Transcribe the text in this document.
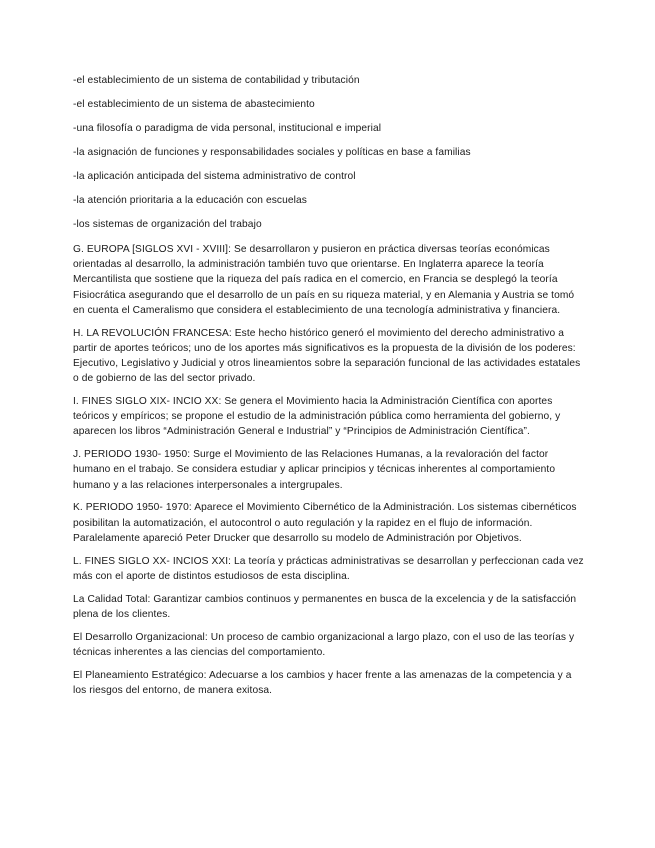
-el establecimiento de un sistema de contabilidad y tributación

-el establecimiento de un sistema de abastecimiento

-una filosofía o paradigma de vida personal, institucional e imperial

-la asignación de funciones y responsabilidades sociales y políticas en base a familias

-la aplicación anticipada del sistema administrativo de control

-la atención prioritaria a la educación con escuelas

-los sistemas de organización del trabajo

G. EUROPA [SIGLOS XVI - XVIII]: Se desarrollaron y pusieron en práctica diversas teorías económicas orientadas al desarrollo, la administración también tuvo que orientarse. En Inglaterra aparece la teoría Mercantilista que sostiene que la riqueza del país radica en el comercio, en Francia se desplegó la teoría Fisiocrática asegurando que el desarrollo de un país en su riqueza material, y en Alemania y Austria se tomó en cuenta el Cameralismo que considera el establecimiento de una tecnología administrativa y financiera.

H. LA REVOLUCIÓN FRANCESA: Este hecho histórico generó el movimiento del derecho administrativo a partir de aportes teóricos; uno de los aportes más significativos es la propuesta de la división de los poderes: Ejecutivo, Legislativo y Judicial y otros lineamientos sobre la separación funcional de las actividades estatales o de gobierno de las del sector privado.

I. FINES SIGLO XIX- INCIO XX: Se genera el Movimiento hacia la Administración Científica con aportes teóricos y empíricos; se propone el estudio de la administración pública como herramienta del gobierno, y aparecen los libros “Administración General e Industrial” y “Principios de Administración Científica”.

J. PERIODO 1930- 1950: Surge el Movimiento de las Relaciones Humanas, a la revaloración del factor humano en el trabajo. Se considera estudiar y aplicar principios y técnicas inherentes al comportamiento humano y a las relaciones interpersonales a intergrupales.

K. PERIODO 1950- 1970: Aparece el Movimiento Cibernético de la Administración. Los sistemas cibernéticos posibilitan la automatización, el autocontrol o auto regulación y la rapidez en el flujo de información. Paralelamente apareció Peter Drucker que desarrollo su modelo de Administración por Objetivos.

L. FINES SIGLO XX- INCIOS XXI: La teoría y prácticas administrativas se desarrollan y perfeccionan cada vez más con el aporte de distintos estudiosos de esta disciplina.

La Calidad Total: Garantizar cambios continuos y permanentes en busca de la excelencia y de la satisfacción plena de los clientes.

El Desarrollo Organizacional: Un proceso de cambio organizacional a largo plazo, con el uso de las teorías y técnicas inherentes a las ciencias del comportamiento.

El Planeamiento Estratégico: Adecuarse a los cambios y hacer frente a las amenazas de la competencia y a los riesgos del entorno, de manera exitosa.
